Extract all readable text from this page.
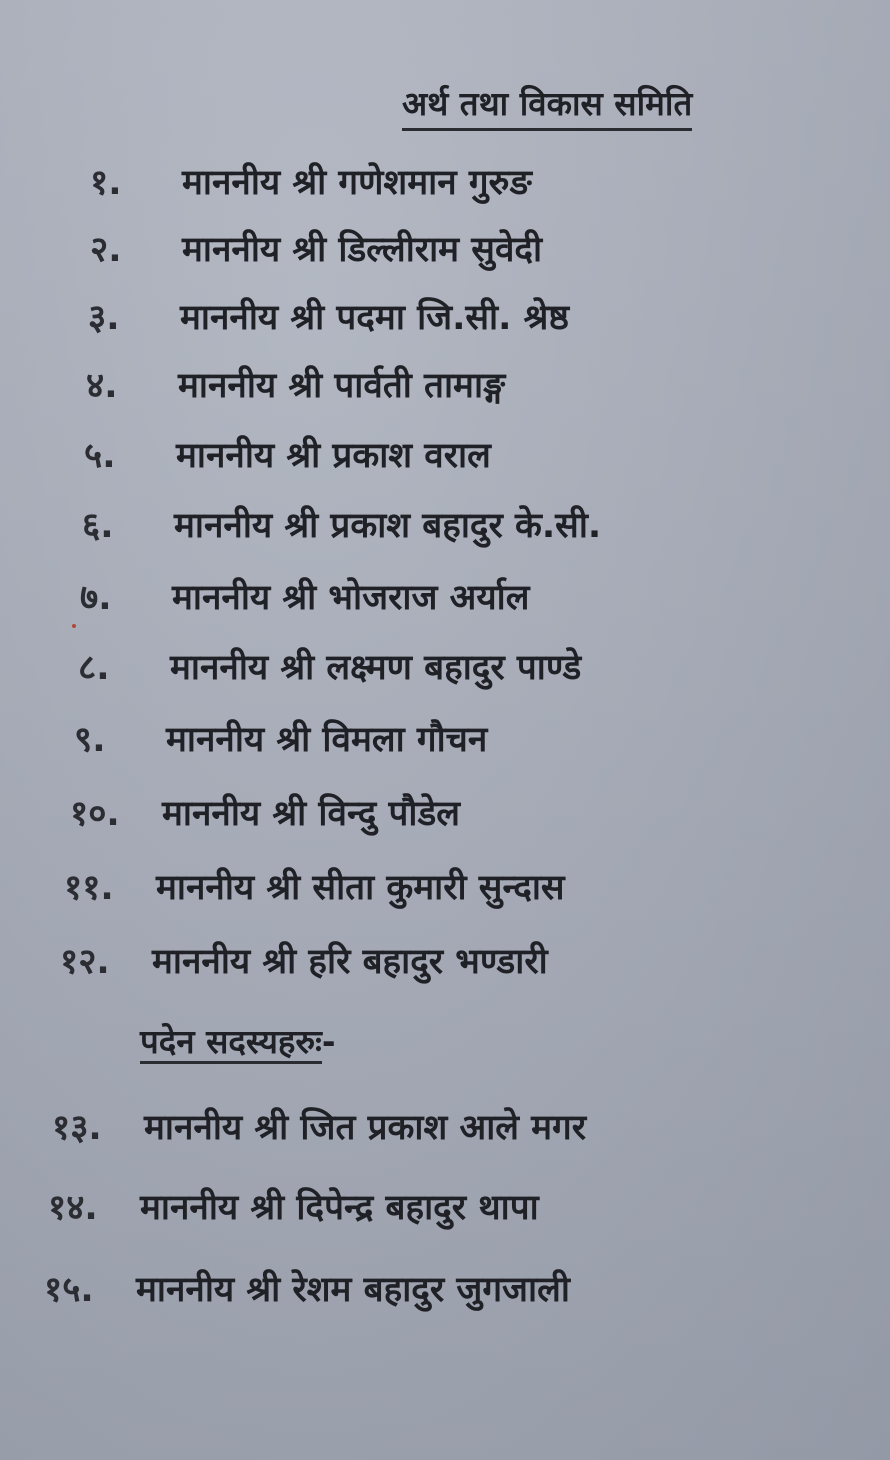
अर्थ तथा विकास समिति
१. माननीय श्री गणेशमान गुरुङ
२. माननीय श्री डिल्लीराम सुवेदी
३. माननीय श्री पदमा जि.सी. श्रेष्ठ
४. माननीय श्री पार्वती तामाङ्ग
५. माननीय श्री प्रकाश वराल
६. माननीय श्री प्रकाश बहादुर के.सी.
७. माननीय श्री भोजराज अर्याल
८. माननीय श्री लक्ष्मण बहादुर पाण्डे
९. माननीय श्री विमला गौचन
१०. माननीय श्री विन्दु पौडेल
११. माननीय श्री सीता कुमारी सुन्दास
१२. माननीय श्री हरि बहादुर भण्डारी
पदेन सदस्यहरुः-
१३. माननीय श्री जित प्रकाश आले मगर
१४. माननीय श्री दिपेन्द्र बहादुर थापा
१५. माननीय श्री रेशम बहादुर जुगजाली
